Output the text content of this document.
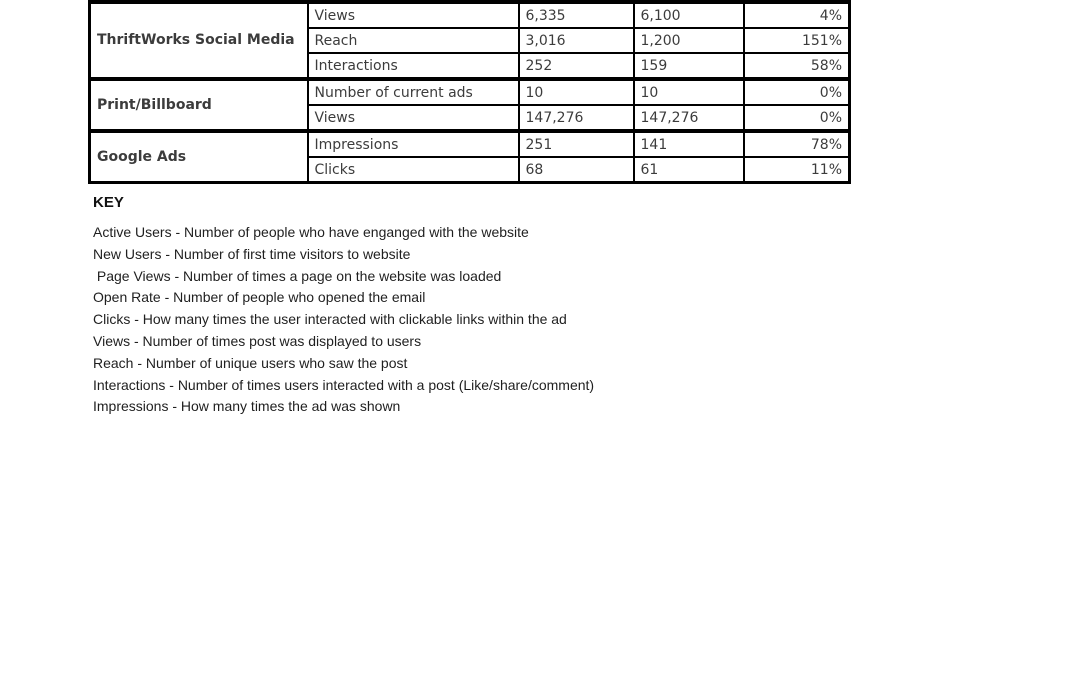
ThriftWorks Social Media	Views	6,335	6,100	4%
	Reach	3,016	1,200	151%
	Interactions	252	159	58%
Print/Billboard	Number of current ads	10	10	0%
	Views	147,276	147,276	0%
Google Ads	Impressions	251	141	78%
	Clicks	68	61	11%
KEY
Active Users - Number of people who have enganged with the website
New Users - Number of first time visitors to website
Page Views - Number of times a page on the website was loaded
Open Rate - Number of people who opened the email
Clicks - How many times the user interacted with clickable links within the ad
Views - Number of times post was displayed to users
Reach - Number of unique users who saw the post
Interactions - Number of times users interacted with a post (Like/share/comment)
Impressions - How many times the ad was shown
